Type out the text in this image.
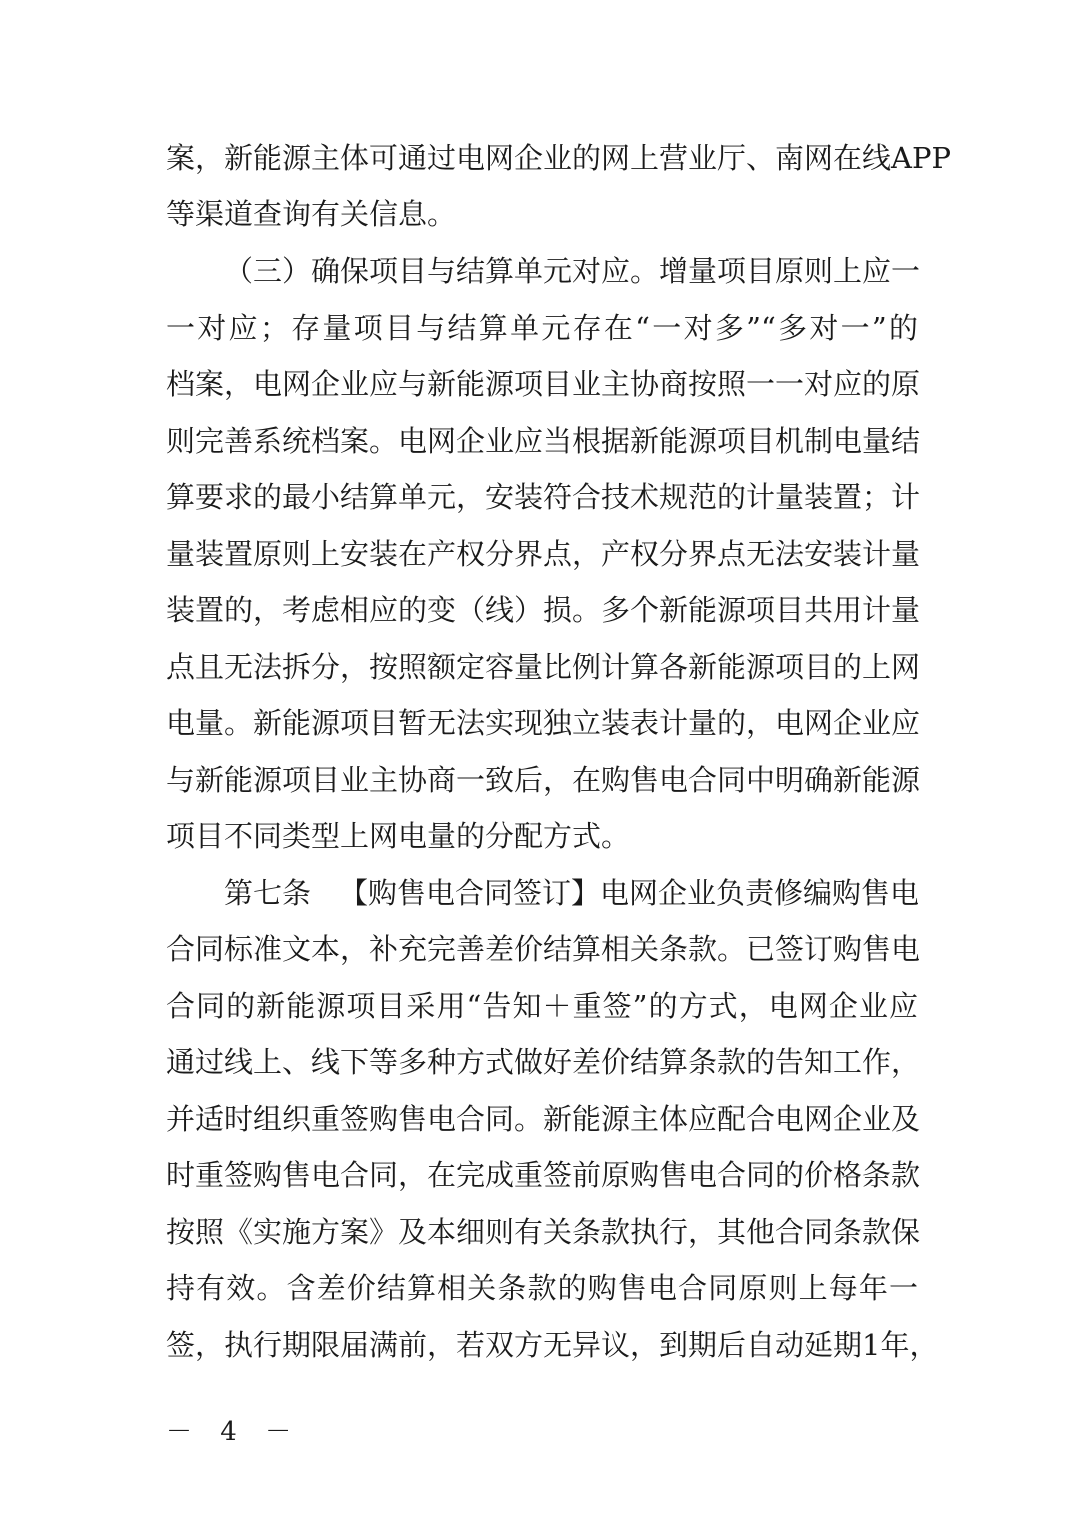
案，新能源主体可通过电网企业的网上营业厅、南网在线APP
等渠道查询有关信息。
（三）确保项目与结算单元对应。增量项目原则上应一
一对应；存量项目与结算单元存在“一对多”“多对一”的
档案，电网企业应与新能源项目业主协商按照一一对应的原
则完善系统档案。电网企业应当根据新能源项目机制电量结
算要求的最小结算单元，安装符合技术规范的计量装置；计
量装置原则上安装在产权分界点，产权分界点无法安装计量
装置的，考虑相应的变（线）损。多个新能源项目共用计量
点且无法拆分，按照额定容量比例计算各新能源项目的上网
电量。新能源项目暂无法实现独立装表计量的，电网企业应
与新能源项目业主协商一致后，在购售电合同中明确新能源
项目不同类型上网电量的分配方式。
第七条 【购售电合同签订】电网企业负责修编购售电
合同标准文本，补充完善差价结算相关条款。已签订购售电
合同的新能源项目采用“告知＋重签”的方式，电网企业应
通过线上、线下等多种方式做好差价结算条款的告知工作，
并适时组织重签购售电合同。新能源主体应配合电网企业及
时重签购售电合同，在完成重签前原购售电合同的价格条款
按照《实施方案》及本细则有关条款执行，其他合同条款保
持有效。含差价结算相关条款的购售电合同原则上每年一
签，执行期限届满前，若双方无异议，到期后自动延期1年，
－ 4 －
